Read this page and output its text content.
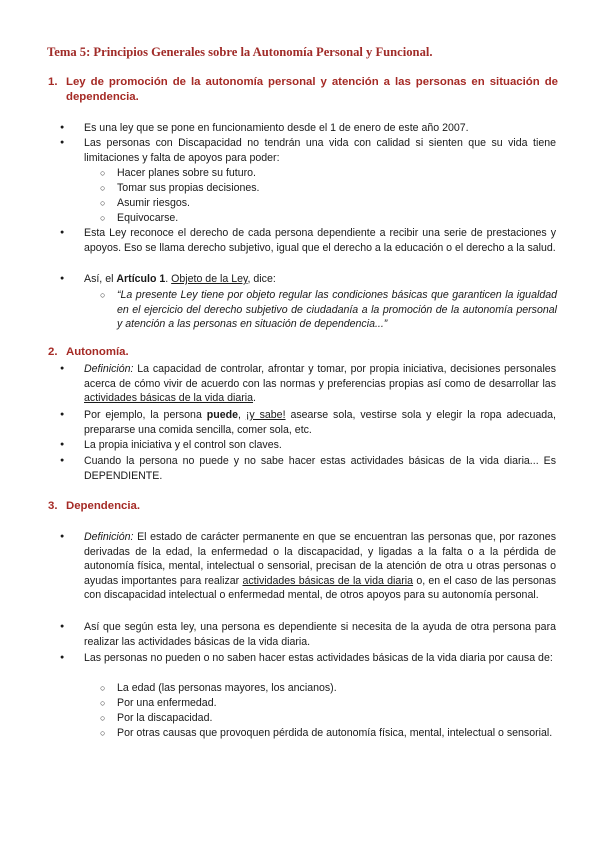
Tema 5: Principios Generales sobre la Autonomía Personal y Funcional.
1. Ley de promoción de la autonomía personal y atención a las personas en situación de dependencia.
● Es una ley que se pone en funcionamiento desde el 1 de enero de este año 2007.
● Las personas con Discapacidad no tendrán una vida con calidad si sienten que su vida tiene limitaciones y falta de apoyos para poder:
○ Hacer planes sobre su futuro.
○ Tomar sus propias decisiones.
○ Asumir riesgos.
○ Equivocarse.
● Esta Ley reconoce el derecho de cada persona dependiente a recibir una serie de prestaciones y apoyos. Eso se llama derecho subjetivo, igual que el derecho a la educación o el derecho a la salud.
● Así, el Artículo 1. Objeto de la Ley, dice:
○ “La presente Ley tiene por objeto regular las condiciones básicas que garanticen la igualdad en el ejercicio del derecho subjetivo de ciudadanía a la promoción de la autonomía personal y atención a las personas en situación de dependencia...”
2. Autonomía.
● Definición: La capacidad de controlar, afrontar y tomar, por propia iniciativa, decisiones personales acerca de cómo vivir de acuerdo con las normas y preferencias propias así como de desarrollar las actividades básicas de la vida diaria.
● Por ejemplo, la persona puede, ¡y sabe! asearse sola, vestirse sola y elegir la ropa adecuada, prepararse una comida sencilla, comer sola, etc.
● La propia iniciativa y el control son claves.
● Cuando la persona no puede y no sabe hacer estas actividades básicas de la vida diaria... Es DEPENDIENTE.
3. Dependencia.
● Definición: El estado de carácter permanente en que se encuentran las personas que, por razones derivadas de la edad, la enfermedad o la discapacidad, y ligadas a la falta o a la pérdida de autonomía física, mental, intelectual o sensorial, precisan de la atención de otra u otras personas o ayudas importantes para realizar actividades básicas de la vida diaria o, en el caso de las personas con discapacidad intelectual o enfermedad mental, de otros apoyos para su autonomía personal.
● Así que según esta ley, una persona es dependiente si necesita de la ayuda de otra persona para realizar las actividades básicas de la vida diaria.
● Las personas no pueden o no saben hacer estas actividades básicas de la vida diaria por causa de:
○ La edad (las personas mayores, los ancianos).
○ Por una enfermedad.
○ Por la discapacidad.
○ Por otras causas que provoquen pérdida de autonomía física, mental, intelectual o sensorial.
